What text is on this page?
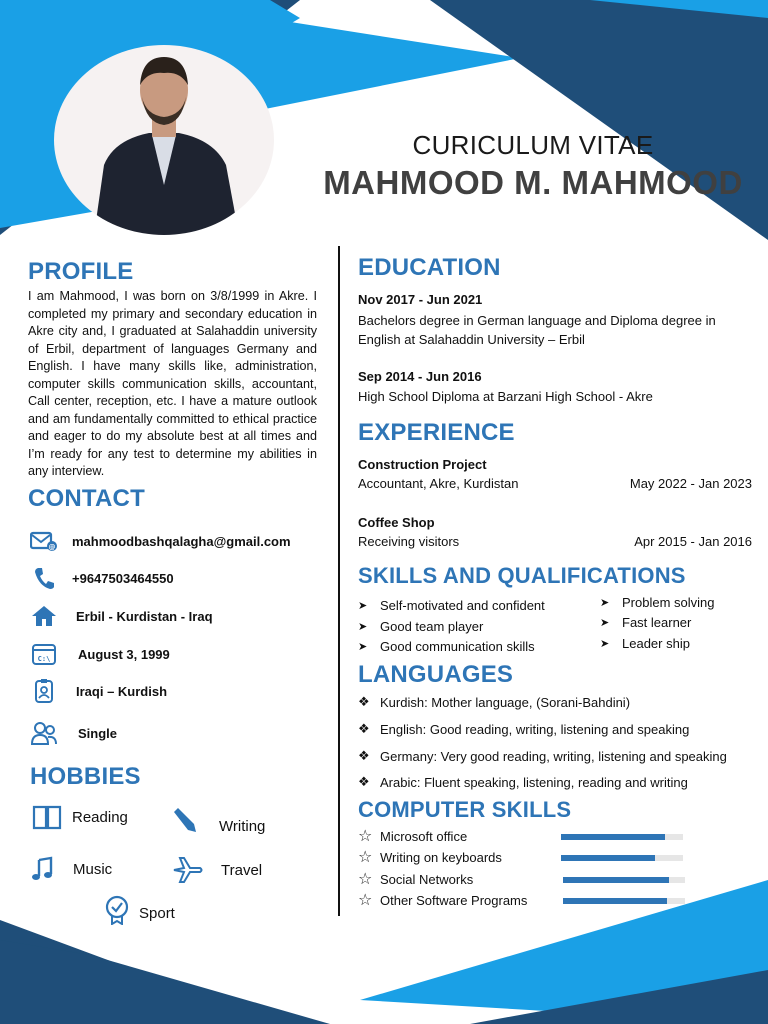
CURICULUM VITAE
MAHMOOD M. MAHMOOD
PROFILE
I am Mahmood, I was born on 3/8/1999 in Akre. I completed my primary and secondary education in Akre city and, I graduated at Salahaddin university of Erbil, department of languages Germany and English. I have many skills like, administration, computer skills communication skills, accountant, Call center, reception, etc. I have a mature outlook and am fundamentally committed to ethical practice and eager to do my absolute best at all times and I’m ready for any test to determine my abilities in any interview.
CONTACT
@ mahmoodbashqalagha@gmail.com
+9647503464550
Erbil - Kurdistan - Iraq
C:\ August 3, 1999
Iraqi – Kurdish
Single
HOBBIES
Reading
Writing
Music	Travel
Sport
EDUCATION
Nov 2017 - Jun 2021
Bachelors degree in German language and Diploma degree in English at Salahaddin University – Erbil
Sep 2014 - Jun 2016
High School Diploma at Barzani High School - Akre
EXPERIENCE
Construction Project
Accountant, Akre, Kurdistan	May 2022 - Jan 2023
Coffee Shop
Receiving visitors	Apr 2015 - Jan 2016
SKILLS AND QUALIFICATIONS
➤ Self-motivated and confident
➤ Good team player
➤ Good communication skills
➤ Problem solving
➤ Fast learner
➤ Leader ship
LANGUAGES
❖ Kurdish: Mother language, (Sorani-Bahdini)
❖ English: Good reading, writing, listening and speaking
❖ Germany: Very good reading, writing, listening and speaking
❖ Arabic: Fluent speaking, listening, reading and writing
COMPUTER SKILLS
☆ Microsoft office
☆ Writing on keyboards
☆ Social Networks
☆ Other Software Programs
